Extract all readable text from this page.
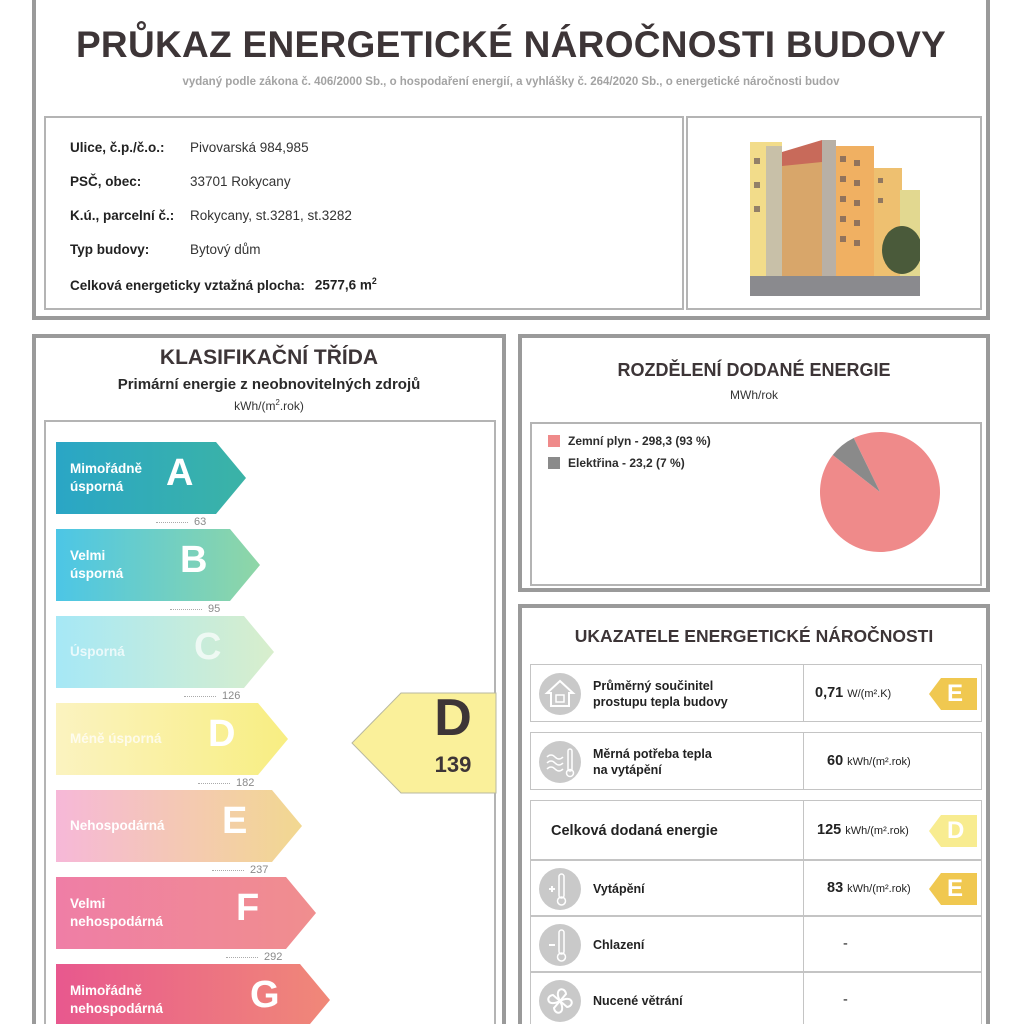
PRŮKAZ ENERGETICKÉ NÁROČNOSTI BUDOVY
vydaný podle zákona č. 406/2000 Sb., o hospodaření energií, a vyhlášky č. 264/2020 Sb., o energetické náročnosti budov
Ulice, č.p./č.o.:	Pivovarská 984,985
PSČ, obec:	33701 Rokycany
K.ú., parcelní č.:	Rokycany, st.3281, st.3282
Typ budovy:	Bytový dům
Celková energeticky vztažná plocha: 2577,6 $m^2$
KLASIFIKAČNÍ TŘÍDA
Primární energie z neobnovitelných zdrojů
kWh/$(m^2.rok)$
Mimořádně
úsporná	A
63
Velmi
úsporná B
95
Úsporná C
126
Méně úsporná D
182
Nehospodárná E
237
Velmi
nehospodárná F
292
Mimořádně
nehospodárná G
D
139
ROZDĚLENÍ DODANÉ ENERGIE
MWh/rok
Zemní plyn - 298,3 (93 %)
Elektřina - 23,2 (7 %)
UKAZATELE ENERGETICKÉ NÁROČNOSTI
Průměrný součinitel
prostupu tepla budovy
0,71 W/(m².K) E
Měrná potřeba tepla
na vytápění
60 kWh/(m².rok)
Celková dodaná energie	125 kWh/(m².rok) D
Vytápění	83 kWh/(m².rok) E
Chlazení	-
Nucené větrání	-
